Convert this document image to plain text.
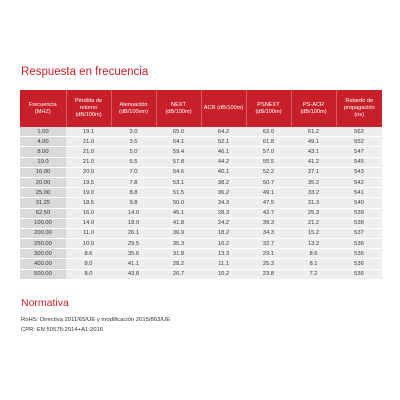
Respuesta en frecuencia
Frecuencia (MHZ)	Pérdida de retorno (dB/100m)	Atenuación (dB/100vm)	NEXT (dB/100m)	ACR (dB/100m)	PSNEXT (dB/100m)	PS-ACR (dB/100m)	Retardo de propagación (ns)
1.00	19.1	3.0	65.0	64.2	62.0	61.2	562
4.00	21.0	3.5	64.1	52.1	61.8	49.1	552
8.00	21.0	5.0	59.4	46.1	57.0	43.1	547
10.0	21.0	5.5	57.8	44.2	55.5	41.2	545
16.00	20.0	7.0	54.6	40.1	52.2	37.1	543
20.00	19.5	7.8	53.1	38.2	50.7	35.2	542
25.00	19.0	8.8	51.5	36.2	49.1	33.2	541
31.25	18.5	9.8	50.0	34.3	47.5	31.3	540
62.50	16.0	14.0	45.1	28.3	42.7	25.3	539
100.00	14.0	18.0	41.8	24.2	39.3	21.2	538
200.00	11.0	26.1	36.9	18.2	34.3	15.2	537
250.00	10.0	29.5	35.3	16.2	32.7	13.2	536
300.00	8.6	35.6	31.8	13.3	29.1	8.6	536
400.00	8.0	41.1	28.2	11.1	25.3	8.1	536
500.00	8.0	43.8	26.7	10.2	23.8	7.2	536
Normativa
RoHS: Directiva 2011/65/UE y modificación 2015/863/UE
CPR: EN 50575:2014+A1:2016
